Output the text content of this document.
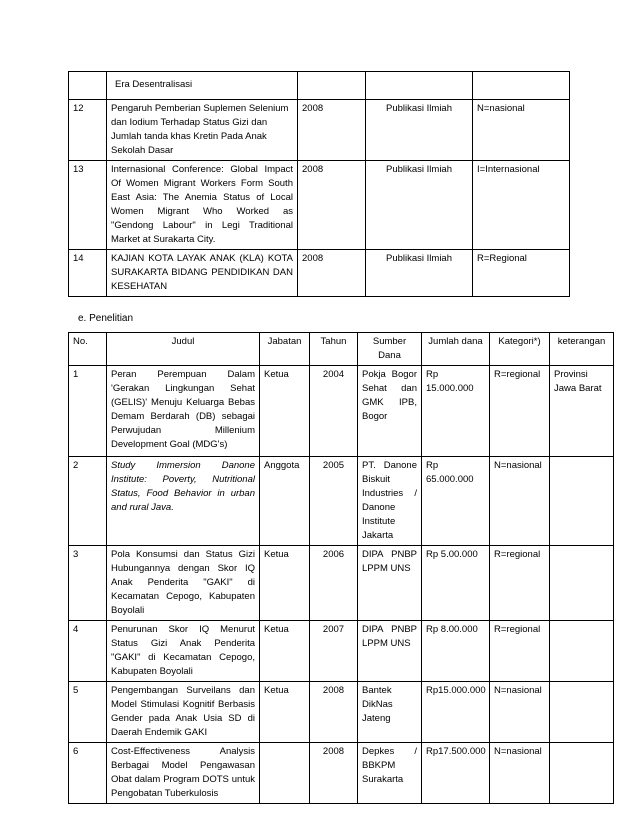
	Era Desentralisasi			
12	Pengaruh Pemberian Suplemen Selenium dan Iodium Terhadap Status Gizi dan Jumlah tanda khas Kretin Pada Anak Sekolah Dasar	2008	Publikasi Ilmiah	N=nasional
13	Internasional Conference: Global Impact Of Women Migrant Workers Form South East Asia: The Anemia Status of Local Women Migrant Who Worked as "Gendong Labour" in Legi Traditional Market at Surakarta City.	2008	Publikasi Ilmiah	I=Internasional
14	KAJIAN KOTA LAYAK ANAK (KLA) KOTA SURAKARTA BIDANG PENDIDIKAN DAN KESEHATAN	2008	Publikasi Ilmiah	R=Regional
e. Penelitian
No.	Judul	Jabatan	Tahun	Sumber Dana	Jumlah dana	Kategori*)	keterangan
1	Peran Perempuan Dalam 'Gerakan Lingkungan Sehat (GELIS)' Menuju Keluarga Bebas Demam Berdarah (DB) sebagai Perwujudan Millenium Development Goal (MDG's)	Ketua	2004	Pokja Bogor Sehat dan GMK IPB, Bogor	Rp 15.000.000	R=regional	Provinsi Jawa Barat
2	Study Immersion Danone Institute: Poverty, Nutritional Status, Food Behavior in urban and rural Java.	Anggota	2005	PT. Danone Biskuit Industries / Danone Institute Jakarta	Rp 65.000.000	N=nasional	
3	Pola Konsumsi dan Status Gizi Hubungannya dengan Skor IQ Anak Penderita "GAKI" di Kecamatan Cepogo, Kabupaten Boyolali	Ketua	2006	DIPA PNBP LPPM UNS	Rp 5.00.000	R=regional	
4	Penurunan Skor IQ Menurut Status Gizi Anak Penderita "GAKI" di Kecamatan Cepogo, Kabupaten Boyolali	Ketua	2007	DIPA PNBP LPPM UNS	Rp 8.00.000	R=regional	
5	Pengembangan Surveilans dan Model Stimulasi Kognitif Berbasis Gender pada Anak Usia SD di Daerah Endemik GAKI	Ketua	2008	Bantek DikNas Jateng	Rp15.000.000	N=nasional	
6	Cost-Effectiveness Analysis Berbagai Model Pengawasan Obat dalam Program DOTS untuk Pengobatan Tuberkulosis		2008	Depkes / BBKPM Surakarta	Rp17.500.000	N=nasional	
